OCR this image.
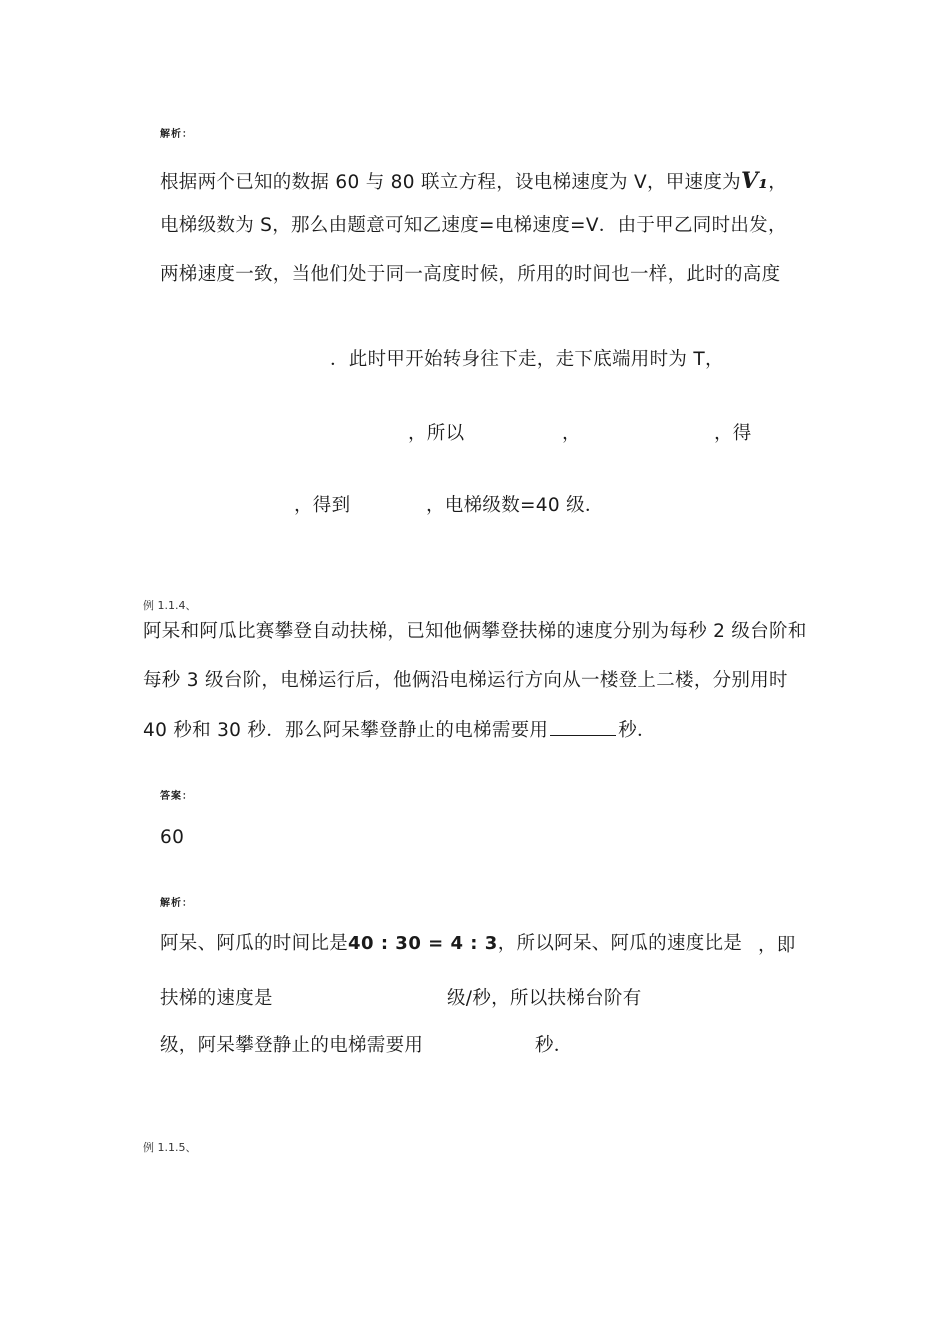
解析：
根据两个已知的数据 60 与 80 联立方程，设电梯速度为 V，甲速度为V₁，
电梯级数为 S，那么由题意可知乙速度=电梯速度=V．由于甲乙同时出发，
两梯速度一致，当他们处于同一高度时候，所用的时间也一样，此时的高度
．此时甲开始转身往下走，走下底端用时为 T，
，所以	，	，得
，得到	，电梯级数=40 级．
例 1.1.4、
阿呆和阿瓜比赛攀登自动扶梯，已知他俩攀登扶梯的速度分别为每秒 2 级台阶和
每秒 3 级台阶，电梯运行后，他俩沿电梯运行方向从一楼登上二楼，分别用时
40 秒和 30 秒．那么阿呆攀登静止的电梯需要用	秒．
答案：
60
解析：
阿呆、阿瓜的时间比是40 : 30 = 4 : 3，所以阿呆、阿瓜的速度比是 ，即
扶梯的速度是	级/秒，所以扶梯台阶有
级，阿呆攀登静止的电梯需要用	秒．
例 1.1.5、
